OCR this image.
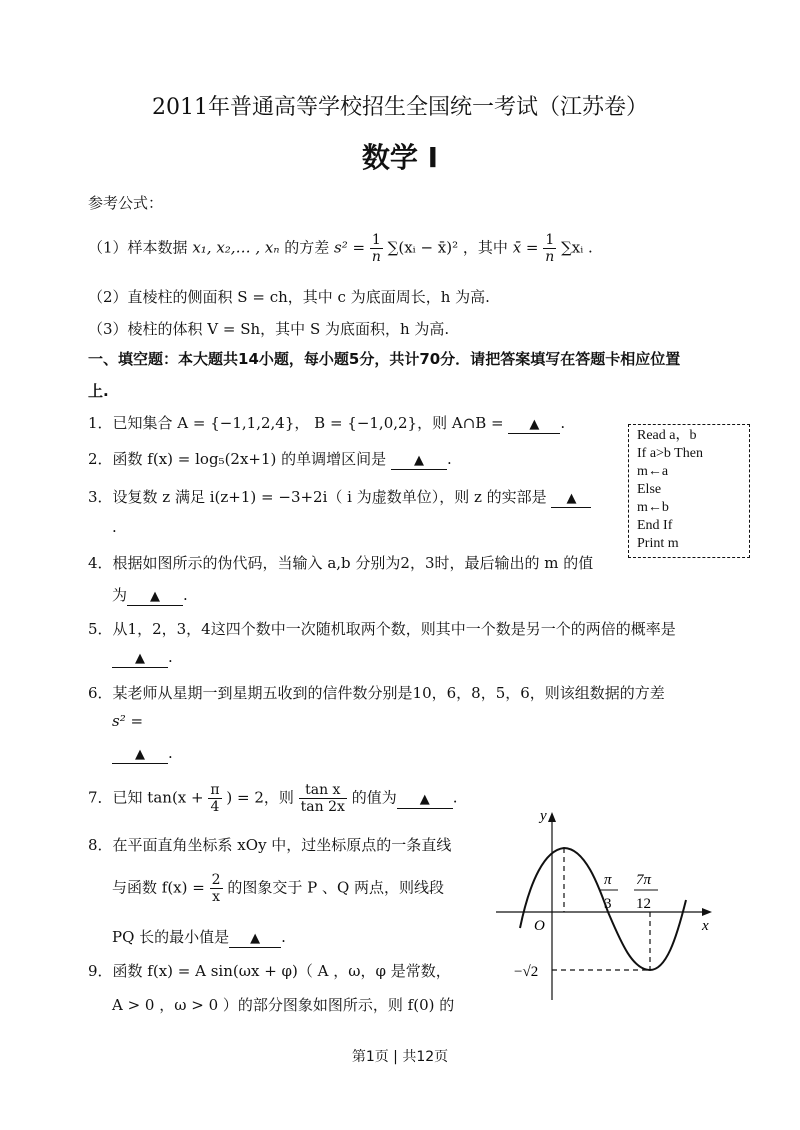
2011年普通高等学校招生全国统一考试（江苏卷）
数学 I
参考公式：
（1）样本数据 x₁, x₂,… , xₙ 的方差 $s^2 = \frac{1}{n}$ ∑(xᵢ − x̄)² ，其中 x̄ = $\frac{1}{n}$ ∑xᵢ .
（2）直棱柱的侧面积 S = ch，其中 c 为底面周长，h 为高.
（3）棱柱的体积 V = Sh，其中 S 为底面积，h 为高.
一、填空题：本大题共14小题，每小题5分，共计70分．请把答案填写在答题卡相应位置
上.
1．已知集合 A = {−1,1,2,4}， B = {−1,0,2}，则 A∩B = ▲ .
2．函数 f(x) = log₅(2x+1) 的单调增区间是 ▲ .
3．设复数 z 满足 i(z+1) = −3+2i（ i 为虚数单位），则 z 的实部是 ▲
.
Read a，b
If a>b Then
m←a
Else
m←b
End If
Print m
4．根据如图所示的伪代码，当输入 a,b 分别为2，3时，最后输出的 m 的值
为 ▲ .
5．从1，2，3，4这四个数中一次随机取两个数，则其中一个数是另一个的两倍的概率是
▲ .
6．某老师从星期一到星期五收到的信件数分别是10，6，8，5，6，则该组数据的方差
s² =
▲ .
7．已知 $\tan(x + \frac{\pi}{4}$ ) = 2，则 $\frac{\text{tan x}}{\tan 2x}$ 的值为 ▲ .
8．在平面直角坐标系 xOy 中，过坐标原点的一条直线
与函数 $f(x) = \frac{2}{x}$ 的图象交于 P 、Q 两点，则线段
PQ 长的最小值是 ▲ .
9．函数 f(x) = A sin(ωx + φ)（ A ，ω，φ 是常数，
A > 0 ，ω > 0 ）的部分图象如图所示，则 f(0) 的
y
x
O
π
3
7π
12
−√2
第1页 | 共12页
